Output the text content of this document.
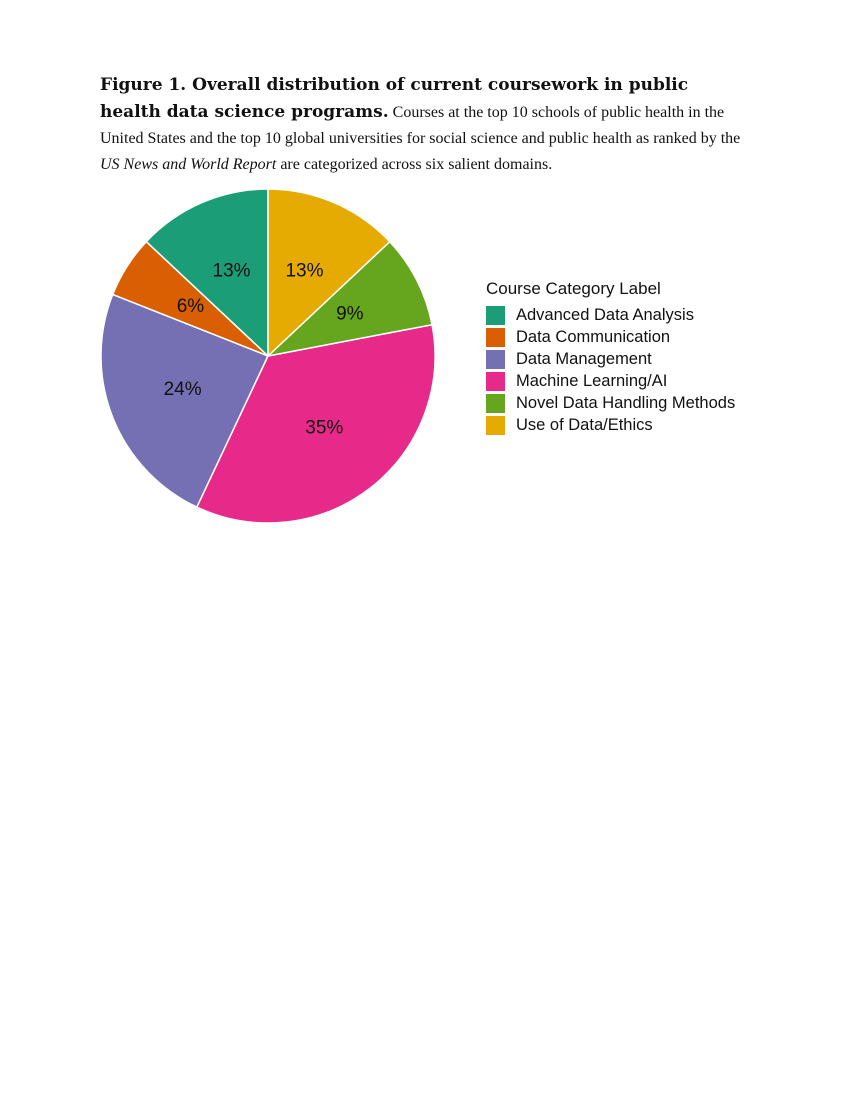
Figure 1. Overall distribution of current coursework in public health data science programs. Courses at the top 10 schools of public health in the United States and the top 10 global universities for social science and public health as ranked by the US News and World Report are categorized across six salient domains.
13%
6%
24%
35%
9%
13%
Course Category Label
Advanced Data Analysis
Data Communication
Data Management
Machine Learning/AI
Novel Data Handling Methods
Use of Data/Ethics
